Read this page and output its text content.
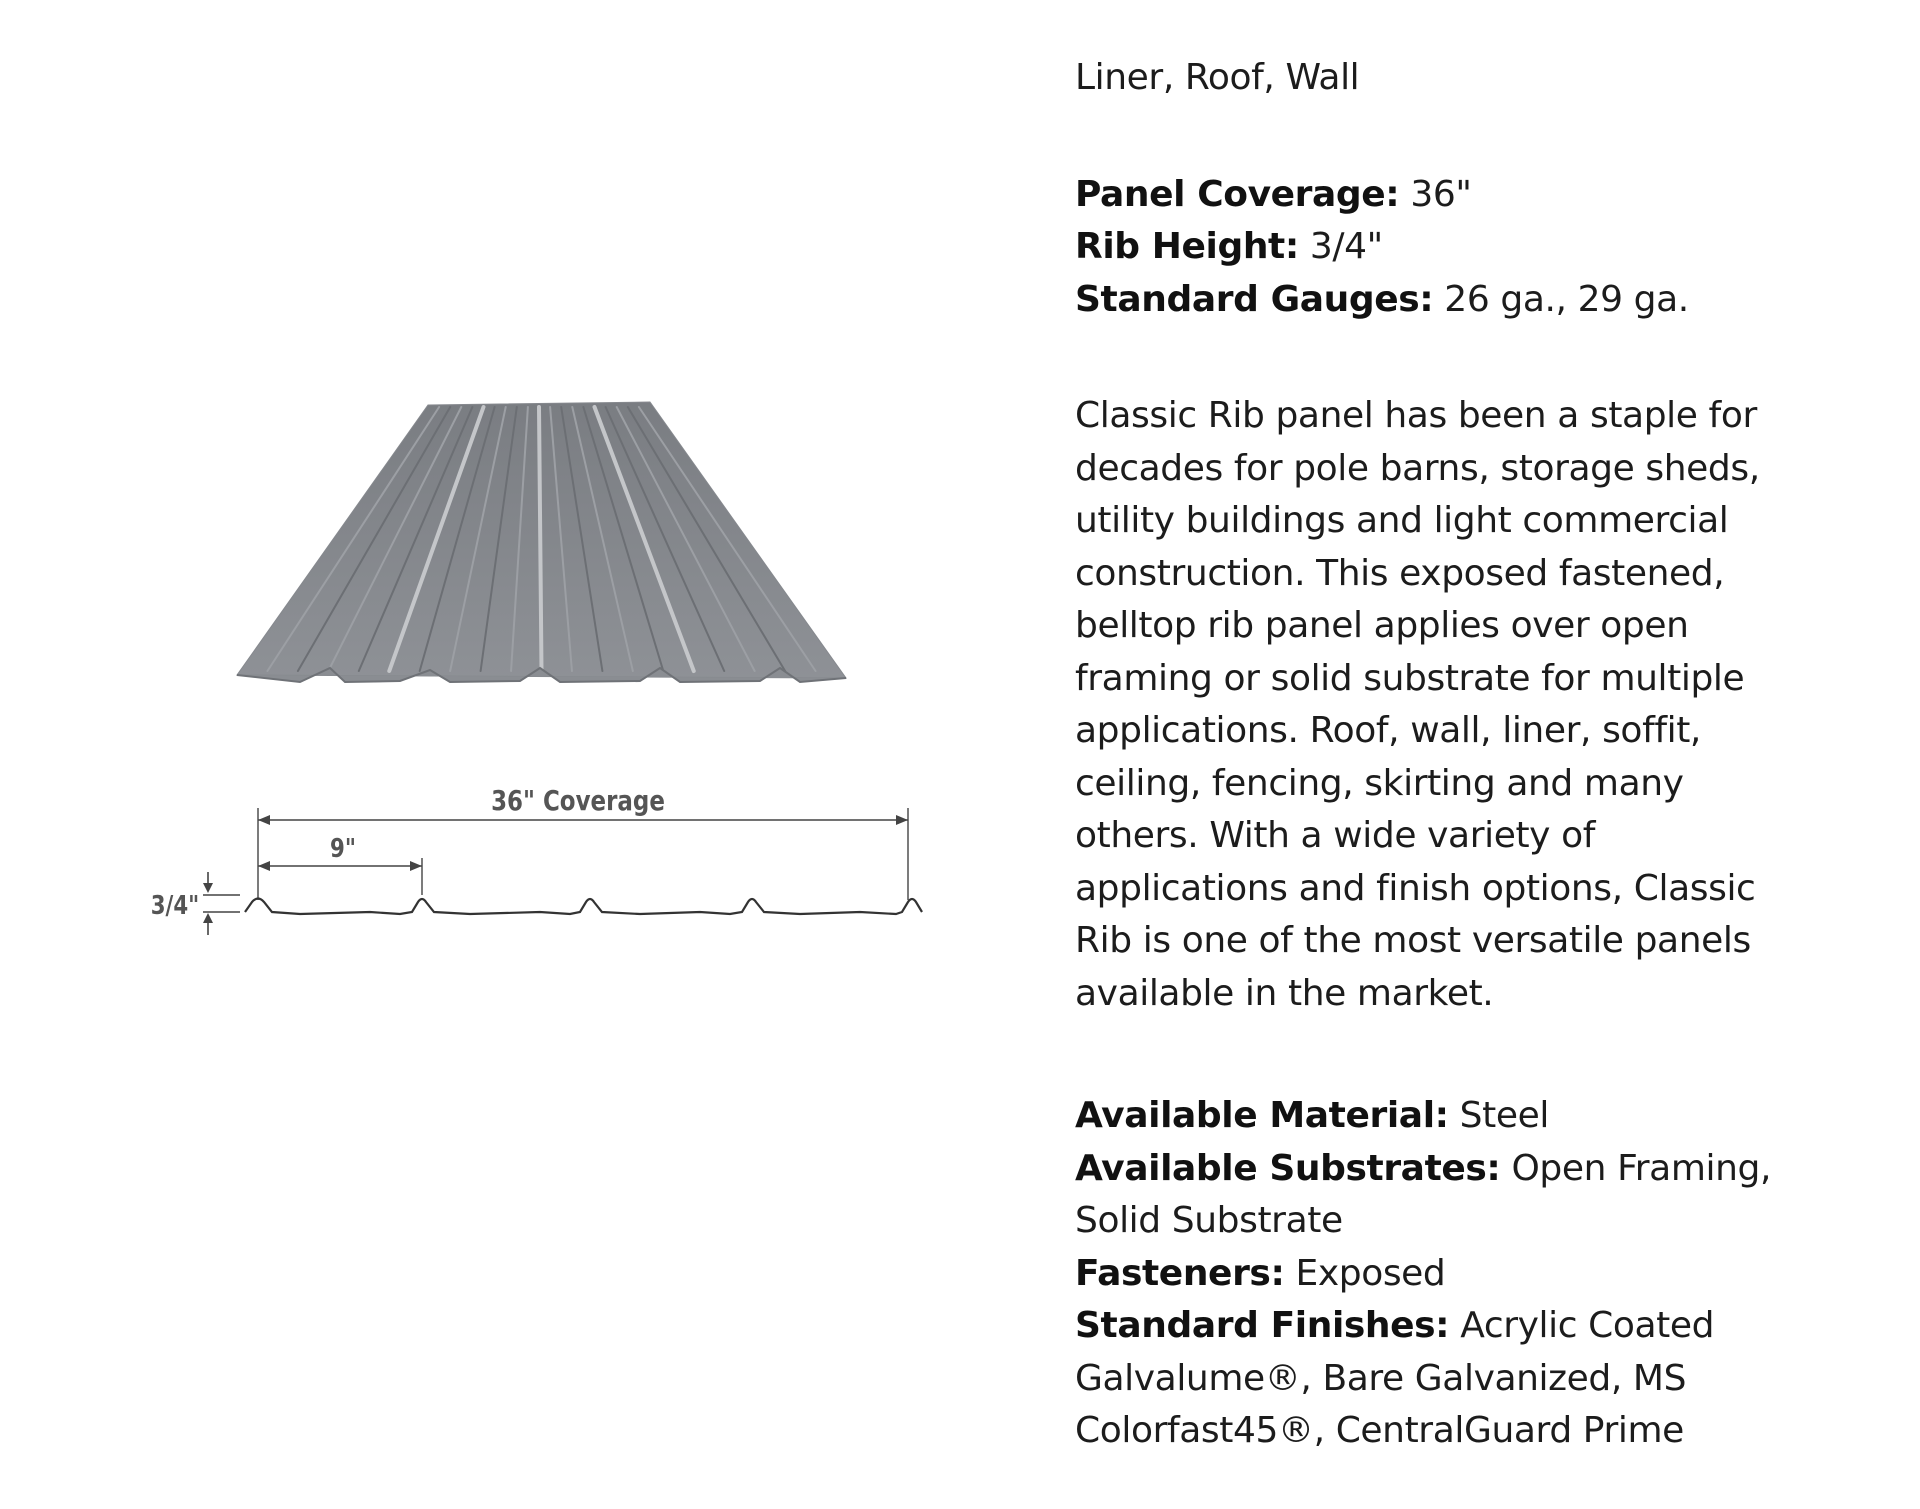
36" Coverage
9"
3/4"

Liner, Roof, Wall

Panel Coverage: 36"
Rib Height: 3/4"
Standard Gauges: 26 ga., 29 ga.

Classic Rib panel has been a staple for decades for pole barns, storage sheds, utility buildings and light commercial construction. This exposed fastened, belltop rib panel applies over open framing or solid substrate for multiple applications. Roof, wall, liner, soffit, ceiling, fencing, skirting and many others. With a wide variety of applications and finish options, Classic Rib is one of the most versatile panels available in the market.

Available Material: Steel
Available Substrates: Open Framing, Solid Substrate
Fasteners: Exposed
Standard Finishes: Acrylic Coated Galvalume®, Bare Galvanized, MS Colorfast45®, CentralGuard Prime
